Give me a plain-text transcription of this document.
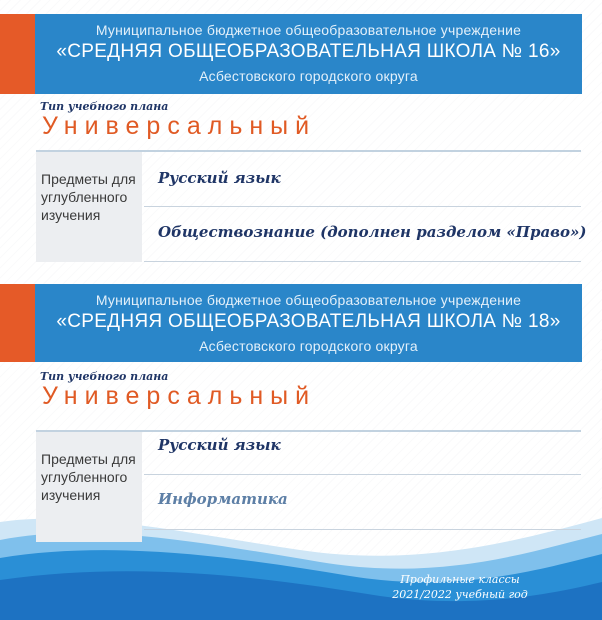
Муниципальное бюджетное общеобразовательное учреждение
«СРЕДНЯЯ ОБЩЕОБРАЗОВАТЕЛЬНАЯ ШКОЛА № 16»
Асбестовского городского округа
Тип учебного плана
Универсальный
Предметы для углубленного изучения
Русский язык
Обществознание (дополнен разделом «Право»)
Муниципальное бюджетное общеобразовательное учреждение
«СРЕДНЯЯ ОБЩЕОБРАЗОВАТЕЛЬНАЯ ШКОЛА № 18»
Асбестовского городского округа
Тип учебного плана
Универсальный
Предметы для углубленного изучения
Русский язык
Информатика
Профильные классы
2021/2022 учебный год
